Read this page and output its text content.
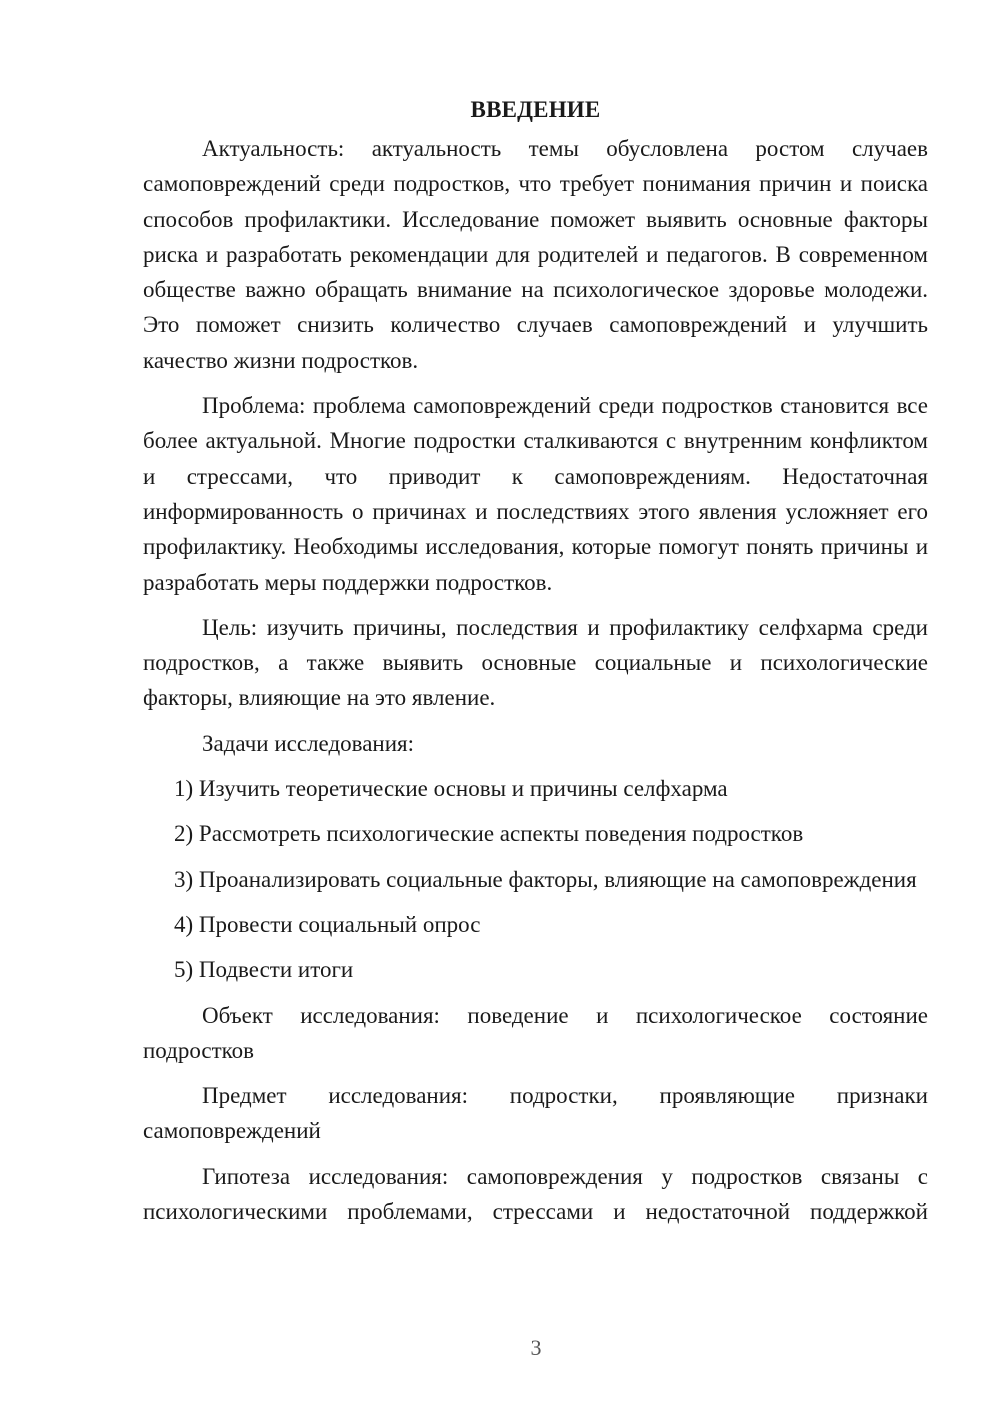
ВВЕДЕНИЕ

Актуальность: актуальность темы обусловлена ростом случаев самоповреждений среди подростков, что требует понимания причин и поиска способов профилактики. Исследование поможет выявить основные факторы риска и разработать рекомендации для родителей и педагогов. В современном обществе важно обращать внимание на психологическое здоровье молодежи. Это поможет снизить количество случаев самоповреждений и улучшить качество жизни подростков.

Проблема: проблема самоповреждений среди подростков становится все более актуальной. Многие подростки сталкиваются с внутренним конфликтом и стрессами, что приводит к самоповреждениям. Недостаточная информированность о причинах и последствиях этого явления усложняет его профилактику. Необходимы исследования, которые помогут понять причины и разработать меры поддержки подростков.

Цель: изучить причины, последствия и профилактику селфхарма среди подростков, а также выявить основные социальные и психологические факторы, влияющие на это явление.

Задачи исследования:

1) Изучить теоретические основы и причины селфхарма

2) Рассмотреть психологические аспекты поведения подростков

3) Проанализировать социальные факторы, влияющие на самоповреждения

4) Провести социальный опрос

5) Подвести итоги

Объект исследования: поведение и психологическое состояние подростков

Предмет исследования: подростки, проявляющие признаки самоповреждений

Гипотеза исследования: самоповреждения у подростков связаны с психологическими проблемами, стрессами и недостаточной поддержкой

3
